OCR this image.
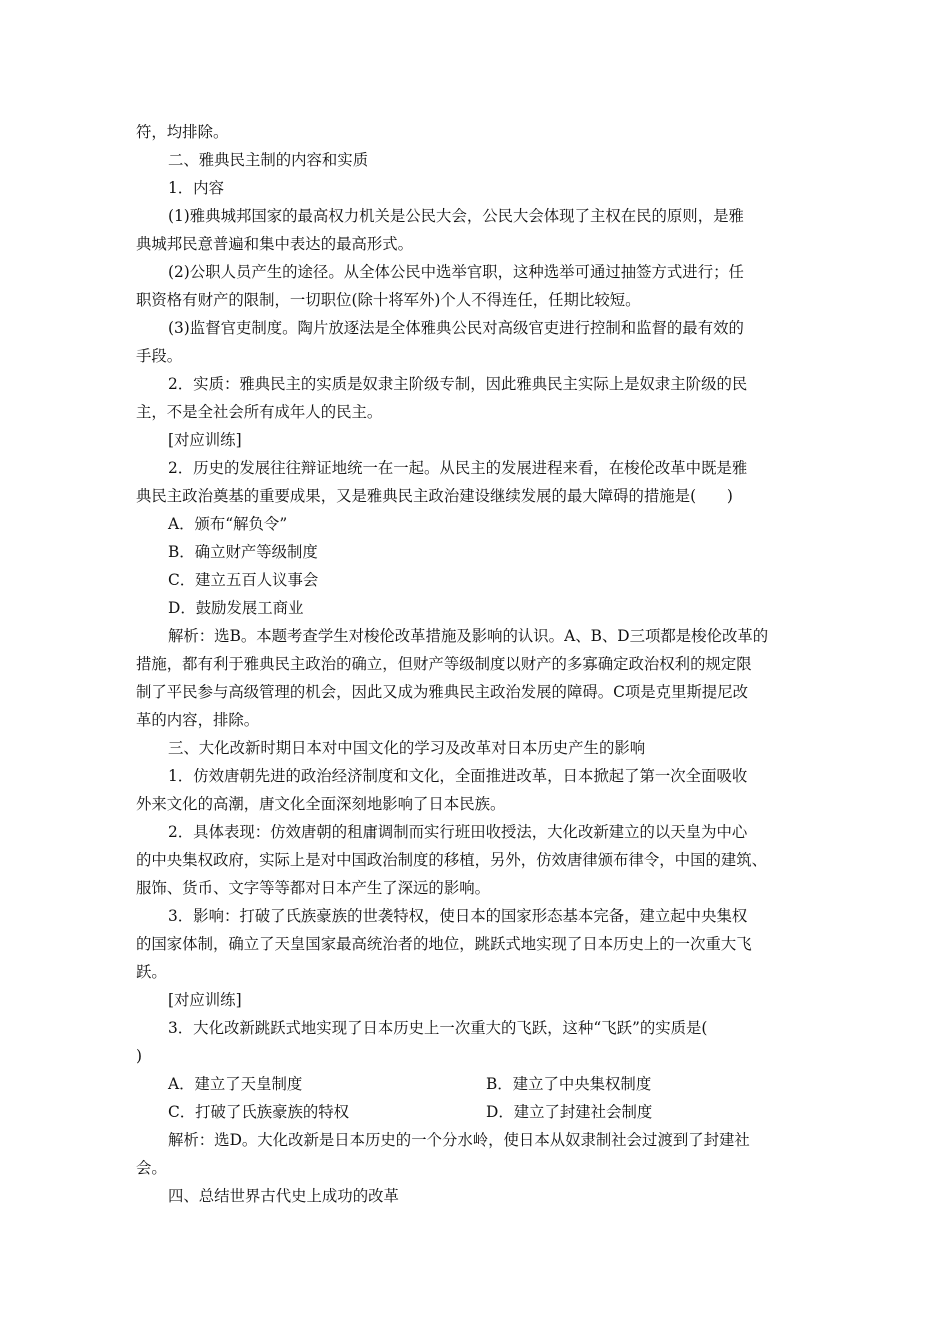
符，均排除。
二、雅典民主制的内容和实质
1．内容
(1)雅典城邦国家的最高权力机关是公民大会，公民大会体现了主权在民的原则，是雅
典城邦民意普遍和集中表达的最高形式。
(2)公职人员产生的途径。从全体公民中选举官职，这种选举可通过抽签方式进行；任
职资格有财产的限制，一切职位(除十将军外)个人不得连任，任期比较短。
(3)监督官吏制度。陶片放逐法是全体雅典公民对高级官吏进行控制和监督的最有效的
手段。
2．实质：雅典民主的实质是奴隶主阶级专制，因此雅典民主实际上是奴隶主阶级的民
主，不是全社会所有成年人的民主。
[对应训练]
2．历史的发展往往辩证地统一在一起。从民主的发展进程来看，在梭伦改革中既是雅
典民主政治奠基的重要成果，又是雅典民主政治建设继续发展的最大障碍的措施是(　　)
A．颁布“解负令”
B．确立财产等级制度
C．建立五百人议事会
D．鼓励发展工商业
解析：选B。本题考查学生对梭伦改革措施及影响的认识。A、B、D三项都是梭伦改革的
措施，都有利于雅典民主政治的确立，但财产等级制度以财产的多寡确定政治权利的规定限
制了平民参与高级管理的机会，因此又成为雅典民主政治发展的障碍。C项是克里斯提尼改
革的内容，排除。
三、大化改新时期日本对中国文化的学习及改革对日本历史产生的影响
1．仿效唐朝先进的政治经济制度和文化，全面推进改革，日本掀起了第一次全面吸收
外来文化的高潮，唐文化全面深刻地影响了日本民族。
2．具体表现：仿效唐朝的租庸调制而实行班田收授法，大化改新建立的以天皇为中心
的中央集权政府，实际上是对中国政治制度的移植，另外，仿效唐律颁布律令，中国的建筑、
服饰、货币、文字等等都对日本产生了深远的影响。
3．影响：打破了氏族豪族的世袭特权，使日本的国家形态基本完备，建立起中央集权
的国家体制，确立了天皇国家最高统治者的地位，跳跃式地实现了日本历史上的一次重大飞
跃。
[对应训练]
3．大化改新跳跃式地实现了日本历史上一次重大的飞跃，这种“飞跃”的实质是(
)
A．建立了天皇制度	B．建立了中央集权制度
C．打破了氏族豪族的特权	D．建立了封建社会制度
解析：选D。大化改新是日本历史的一个分水岭，使日本从奴隶制社会过渡到了封建社
会。
四、总结世界古代史上成功的改革
